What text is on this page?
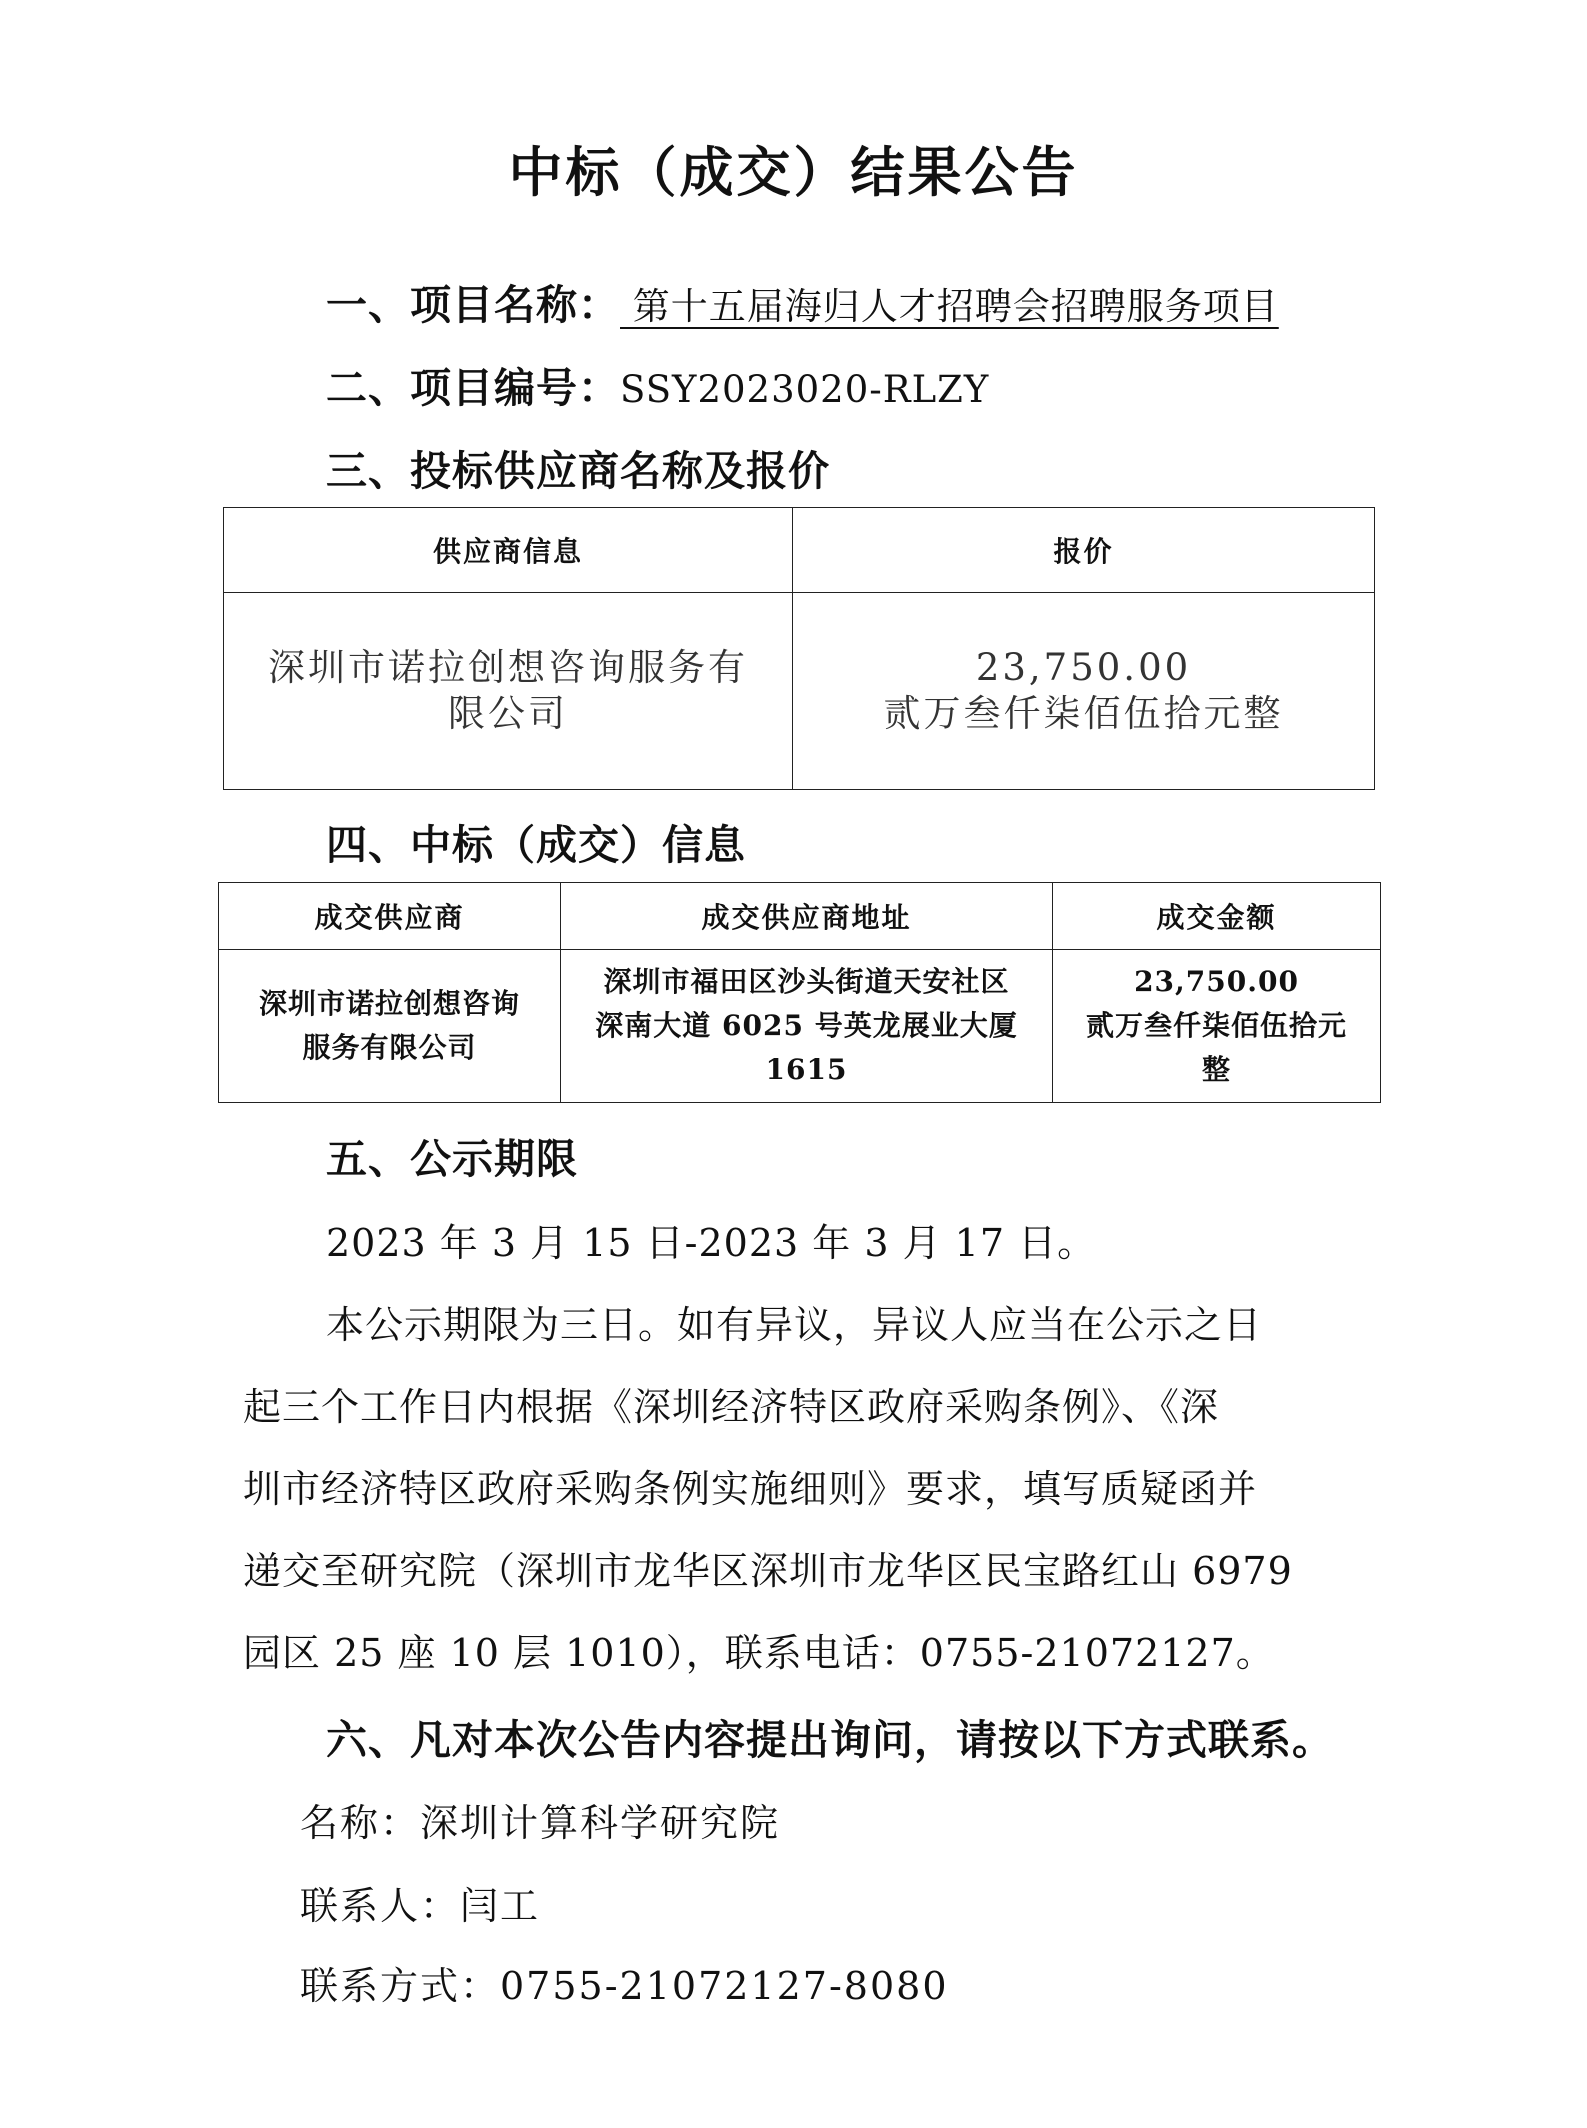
中标（成交）结果公告
一、项目名称： 第十五届海归人才招聘会招聘服务项目
二、项目编号：SSY2023020-RLZY
三、投标供应商名称及报价
供应商信息	报价

深圳市诺拉创想咨询服务有
限公司	23,750.00
贰万叁仟柒佰伍拾元整
四、中标（成交）信息
成交供应商	成交供应商地址	成交金额

深圳市诺拉创想咨询
服务有限公司	深圳市福田区沙头街道天安社区
深南大道 6025 号英龙展业大厦
1615	23,750.00
贰万叁仟柒佰伍拾元
整
五、公示期限
2023 年 3 月 15 日-2023 年 3 月 17 日。
本公示期限为三日。如有异议，异议人应当在公示之日
起三个工作日内根据《深圳经济特区政府采购条例》、《深
圳市经济特区政府采购条例实施细则》要求，填写质疑函并
递交至研究院（深圳市龙华区深圳市龙华区民宝路红山 6979
园区 25 座 10 层 1010），联系电话：0755-21072127。
六、凡对本次公告内容提出询问，请按以下方式联系。
名称：深圳计算科学研究院
联系人：闫工
联系方式：0755-21072127-8080
